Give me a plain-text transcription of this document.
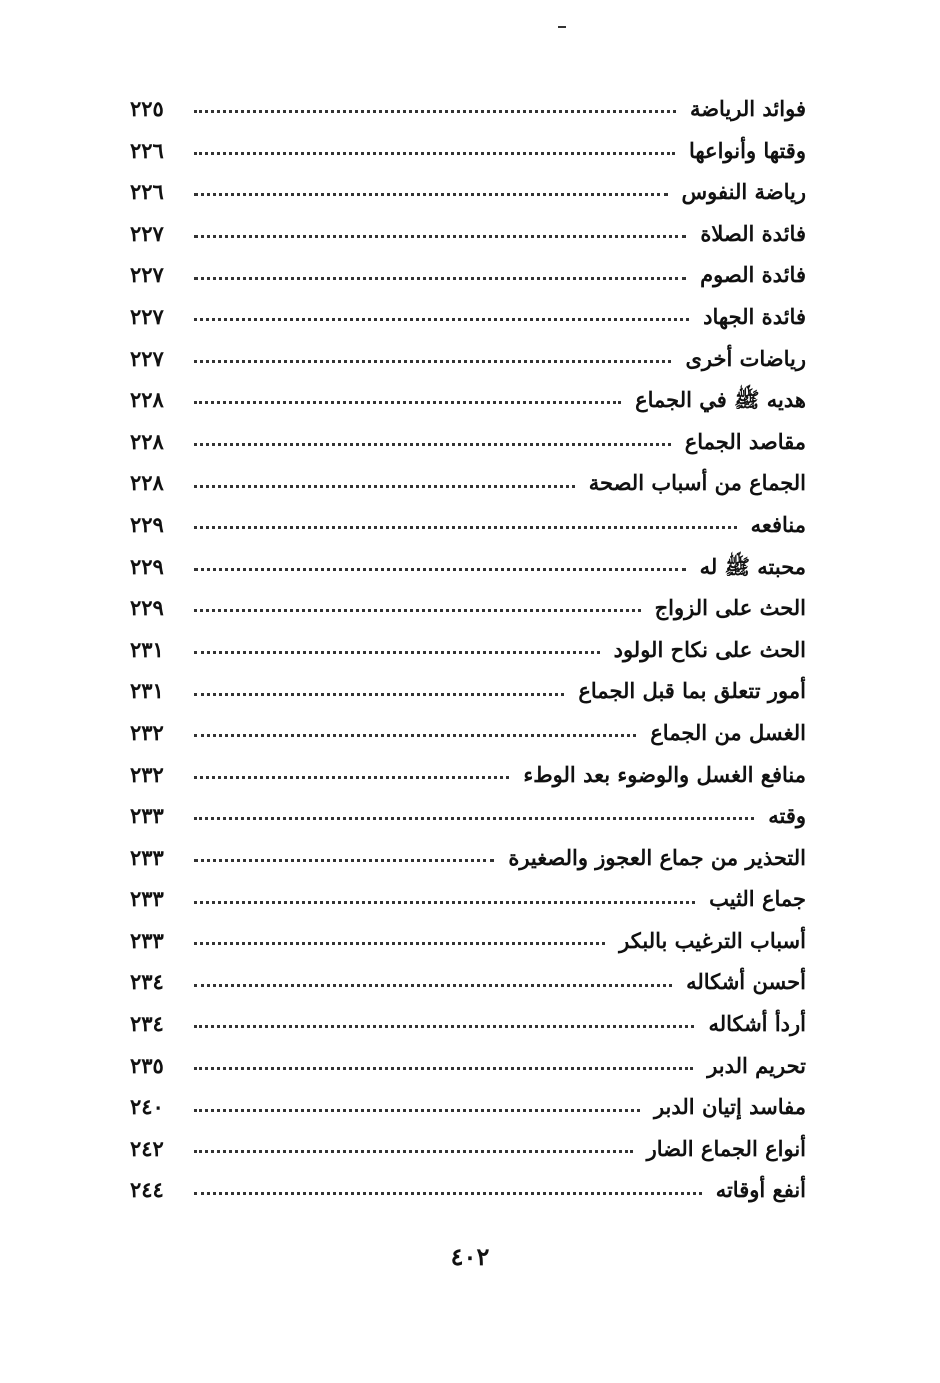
فوائد الرياضة
٢٢٥
وقتها وأنواعها
٢٢٦
رياضة النفوس
٢٢٦
فائدة الصلاة
٢٢٧
فائدة الصوم
٢٢٧
فائدة الجهاد
٢٢٧
رياضات أخرى
٢٢٧
هديه ﷺ في الجماع
٢٢٨
مقاصد الجماع
٢٢٨
الجماع من أسباب الصحة
٢٢٨
منافعه
٢٢٩
محبته ﷺ له
٢٢٩
الحث على الزواج
٢٢٩
الحث على نكاح الولود
٢٣١
أمور تتعلق بما قبل الجماع
٢٣١
الغسل من الجماع
٢٣٢
منافع الغسل والوضوء بعد الوطء
٢٣٢
وقته
٢٣٣
التحذير من جماع العجوز والصغيرة
٢٣٣
جماع الثيب
٢٣٣
أسباب الترغيب بالبكر
٢٣٣
أحسن أشكاله
٢٣٤
أردأ أشكاله
٢٣٤
تحريم الدبر
٢٣٥
مفاسد إتيان الدبر
٢٤٠
أنواع الجماع الضار
٢٤٢
أنفع أوقاته
٢٤٤
٤٠٢
